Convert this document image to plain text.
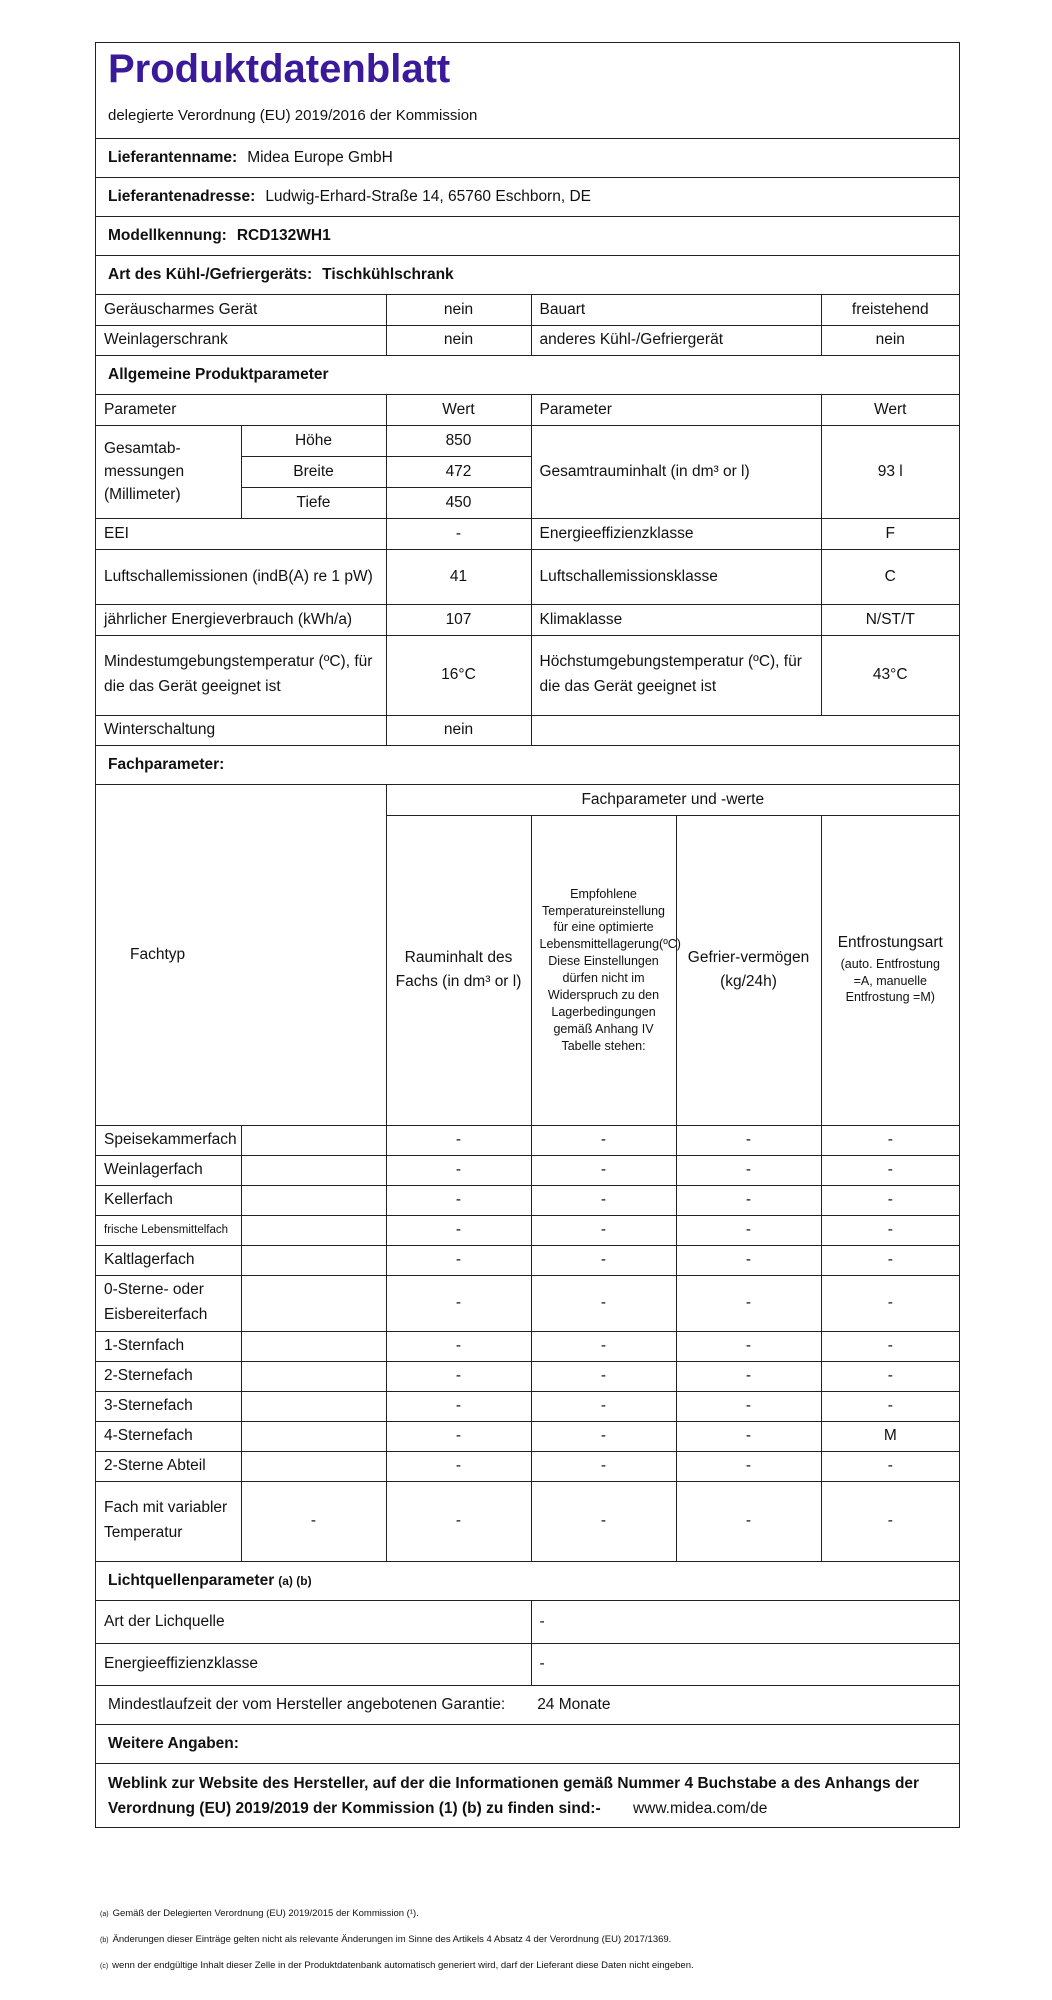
Produktdatenblatt
delegierte Verordnung (EU) 2019/2016 der Kommission
Lieferantenname: Midea Europe GmbH
Lieferantenadresse: Ludwig-Erhard-Straße 14, 65760 Eschborn, DE
Modellkennung: RCD132WH1
Art des Kühl-/Gefriergeräts: Tischkühlschrank
Geräuscharmes Gerät	nein	Bauart	freistehend
Weinlagerschrank	nein	anderes Kühl-/Gefriergerät	nein
Allgemeine Produktparameter
Parameter		Wert	Parameter	Wert
Gesamtab-messungen (Millimeter)	Höhe	850	Gesamtrauminhalt (in dm³ or l)	93 l
	Breite	472		
	Tiefe	450		
EEI		-	Energieeffizienzklasse	F
Luftschallemissionen (indB(A) re 1 pW)		41	Luftschallemissionsklasse	C
jährlicher Energieverbrauch (kWh/a)		107	Klimaklasse	N/ST/T
Mindestumgebungstemperatur (ºC), für die das Gerät geeignet ist		16°C	Höchstumgebungstemperatur (ºC), für die das Gerät geeignet ist	43°C
Winterschaltung		nein		
Fachparameter:
Fachtyp		Fachparameter und -werte			
		Rauminhalt des Fachs (in dm³ or l)	Empfohlene Temperatureinstellung für eine optimierte Lebensmittellagerung(ºC) Diese Einstellungen dürfen nicht im Widerspruch zu den Lagerbedingungen gemäß Anhang IV Tabelle stehen:	Gefrier-vermögen (kg/24h)	Entfrostungsart
(auto. Entfrostung =A, manuelle Entfrostung =M)

Speisekammerfach		-	-	-	-
Weinlagerfach		-	-	-	-
Kellerfach		-	-	-	-
frische Lebensmittelfach		-	-	-	-
Kaltlagerfach		-	-	-	-
0-Sterne- oder Eisbereiterfach		-	-	-	-
1-Sternfach		-	-	-	-
2-Sternefach		-	-	-	-
3-Sternefach		-	-	-	-
4-Sternefach		-	-	-	M
2-Sterne Abteil		-	-	-	-
Fach mit variabler Temperatur	-	-	-	-	-
Lichtquellenparameter (a) (b)
Art der Lichquelle	-
Energieeffizienzklasse	-
Mindestlaufzeit der vom Hersteller angebotenen Garantie: 24 Monate
Weitere Angaben:
Weblink zur Website des Hersteller, auf der die Informationen gemäß Nummer 4 Buchstabe a des Anhangs der Verordnung (EU) 2019/2019 der Kommission (1) (b) zu finden sind:- www.midea.com/de
(a) Gemäß der Delegierten Verordnung (EU) 2019/2015 der Kommission (¹).
(b) Änderungen dieser Einträge gelten nicht als relevante Änderungen im Sinne des Artikels 4 Absatz 4 der Verordnung (EU) 2017/1369.
(c) wenn der endgültige Inhalt dieser Zelle in der Produktdatenbank automatisch generiert wird, darf der Lieferant diese Daten nicht eingeben.
